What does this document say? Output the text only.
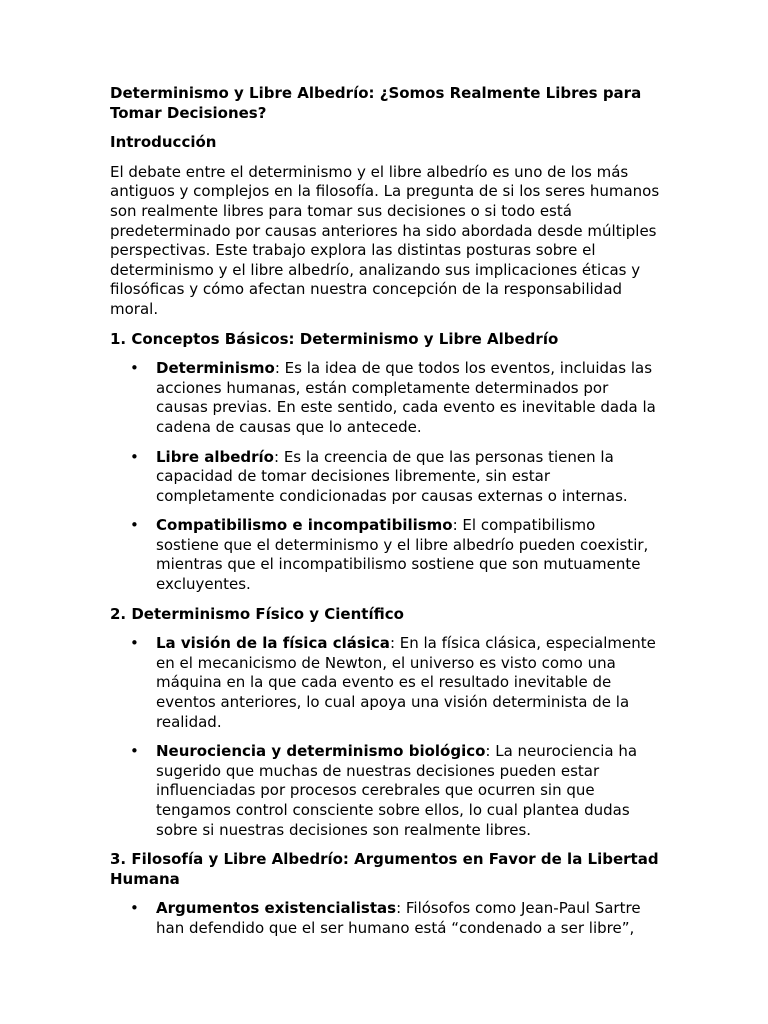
Determinismo y Libre Albedrío: ¿Somos Realmente Libres para Tomar Decisiones?
Introducción

El debate entre el determinismo y el libre albedrío es uno de los más antiguos y complejos en la filosofía. La pregunta de si los seres humanos son realmente libres para tomar sus decisiones o si todo está predeterminado por causas anteriores ha sido abordada desde múltiples perspectivas. Este trabajo explora las distintas posturas sobre el determinismo y el libre albedrío, analizando sus implicaciones éticas y filosóficas y cómo afectan nuestra concepción de la responsabilidad moral.

1. Conceptos Básicos: Determinismo y Libre Albedrío
• Determinismo: Es la idea de que todos los eventos, incluidas las acciones humanas, están completamente determinados por causas previas. En este sentido, cada evento es inevitable dada la cadena de causas que lo antecede.
• Libre albedrío: Es la creencia de que las personas tienen la capacidad de tomar decisiones libremente, sin estar completamente condicionadas por causas externas o internas.
• Compatibilismo e incompatibilismo: El compatibilismo sostiene que el determinismo y el libre albedrío pueden coexistir, mientras que el incompatibilismo sostiene que son mutuamente excluyentes.
2. Determinismo Físico y Científico
• La visión de la física clásica: En la física clásica, especialmente en el mecanicismo de Newton, el universo es visto como una máquina en la que cada evento es el resultado inevitable de eventos anteriores, lo cual apoya una visión determinista de la realidad.
• Neurociencia y determinismo biológico: La neurociencia ha sugerido que muchas de nuestras decisiones pueden estar influenciadas por procesos cerebrales que ocurren sin que tengamos control consciente sobre ellos, lo cual plantea dudas sobre si nuestras decisiones son realmente libres.
3. Filosofía y Libre Albedrío: Argumentos en Favor de la Libertad Humana
• Argumentos existencialistas: Filósofos como Jean-Paul Sartre han defendido que el ser humano está “condenado a ser libre”,
